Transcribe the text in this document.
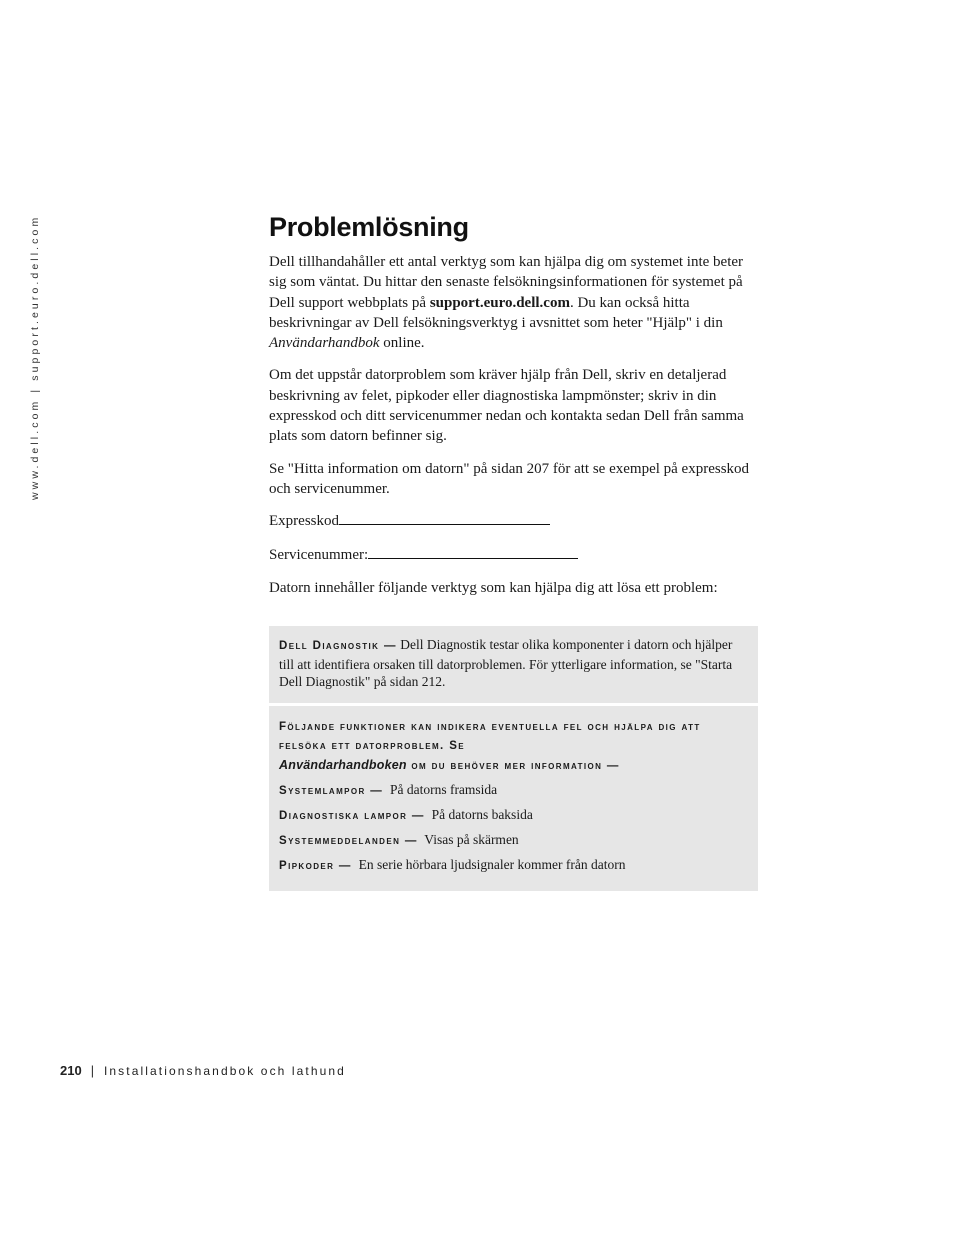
www.dell.com | support.euro.dell.com	Problemlösning

Dell tillhandahåller ett antal verktyg som kan hjälpa dig om systemet inte beter sig som väntat. Du hittar den senaste felsökningsinformationen för systemet på Dell support webbplats på support.euro.dell.com. Du kan också hitta beskrivningar av Dell felsökningsverktyg i avsnittet som heter "Hjälp" i din Användarhandbok online.

Om det uppstår datorproblem som kräver hjälp från Dell, skriv en detaljerad beskrivning av felet, pipkoder eller diagnostiska lampmönster; skriv in din expresskod och ditt servicenummer nedan och kontakta sedan Dell från samma plats som datorn befinner sig.

Se "Hitta information om datorn" på sidan 207 för att se exempel på expresskod och servicenummer.

Expresskod

Servicenummer:

Datorn innehåller följande verktyg som kan hjälpa dig att lösa ett problem:

Dell Diagnostik — Dell Diagnostik testar olika komponenter i datorn och hjälper till att identifiera orsaken till datorproblemen. För ytterligare information, se "Starta Dell Diagnostik" på sidan 212.
Följande funktioner kan indikera eventuella fel och hjälpa dig att felsöka ett datorproblem. Se
Användarhandboken om du behöver mer information —
Systemlampor — På datorns framsida
Diagnostiska lampor — På datorns baksida
Systemmeddelanden — Visas på skärmen
Pipkoder — En serie hörbara ljudsignaler kommer från datorn
210 | Installationshandbok och lathund
